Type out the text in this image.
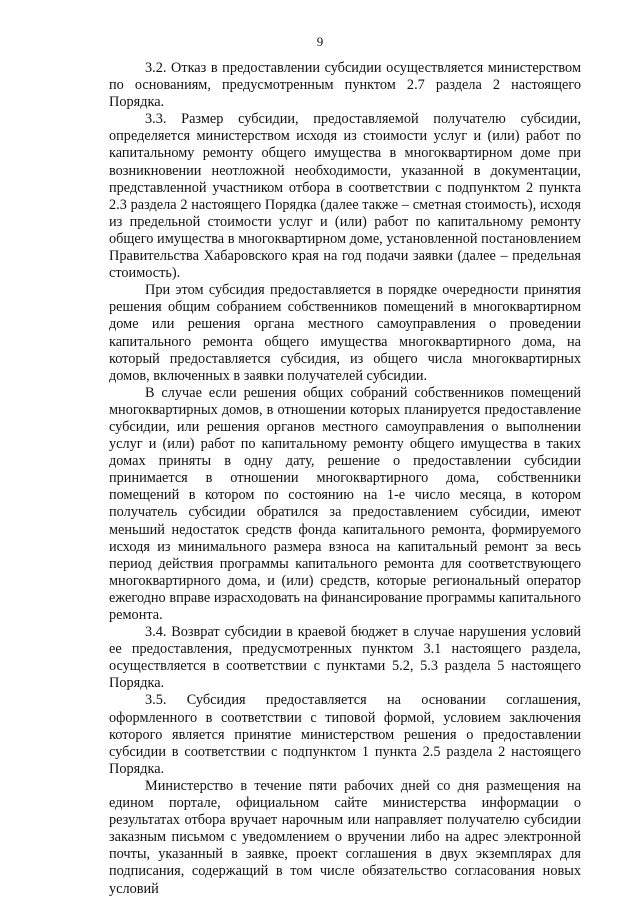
9

3.2. Отказ в предоставлении субсидии осуществляется министерством по основаниям, предусмотренным пунктом 2.7 раздела 2 настоящего Порядка.

3.3. Размер субсидии, предоставляемой получателю субсидии, определяется министерством исходя из стоимости услуг и (или) работ по капитальному ремонту общего имущества в многоквартирном доме при возникновении неотложной необходимости, указанной в документации, представленной участником отбора в соответствии с подпунктом 2 пункта 2.3 раздела 2 настоящего Порядка (далее также – сметная стоимость), исходя из предельной стоимости услуг и (или) работ по капитальному ремонту общего имущества в многоквартирном доме, установленной постановлением Правительства Хабаровского края на год подачи заявки (далее – предельная стоимость).

При этом субсидия предоставляется в порядке очередности принятия решения общим собранием собственников помещений в многоквартирном доме или решения органа местного самоуправления о проведении капитального ремонта общего имущества многоквартирного дома, на который предоставляется субсидия, из общего числа многоквартирных домов, включенных в заявки получателей субсидии.

В случае если решения общих собраний собственников помещений многоквартирных домов, в отношении которых планируется предоставление субсидии, или решения органов местного самоуправления о выполнении услуг и (или) работ по капитальному ремонту общего имущества в таких домах приняты в одну дату, решение о предоставлении субсидии принимается в отношении многоквартирного дома, собственники помещений в котором по состоянию на 1-е число месяца, в котором получатель субсидии обратился за предоставлением субсидии, имеют меньший недостаток средств фонда капитального ремонта, формируемого исходя из минимального размера взноса на капитальный ремонт за весь период действия программы капитального ремонта для соответствующего многоквартирного дома, и (или) средств, которые региональный оператор ежегодно вправе израсходовать на финансирование программы капитального ремонта.

3.4. Возврат субсидии в краевой бюджет в случае нарушения условий ее предоставления, предусмотренных пунктом 3.1 настоящего раздела, осуществляется в соответствии с пунктами 5.2, 5.3 раздела 5 настоящего Порядка.

3.5. Субсидия предоставляется на основании соглашения, оформленного в соответствии с типовой формой, условием заключения которого является принятие министерством решения о предоставлении субсидии в соответствии с подпунктом 1 пункта 2.5 раздела 2 настоящего Порядка.

Министерство в течение пяти рабочих дней со дня размещения на едином портале, официальном сайте министерства информации о результатах отбора вручает нарочным или направляет получателю субсидии заказным письмом с уведомлением о вручении либо на адрес электронной почты, указанный в заявке, проект соглашения в двух экземплярах для подписания, содержащий в том числе обязательство согласования новых условий
